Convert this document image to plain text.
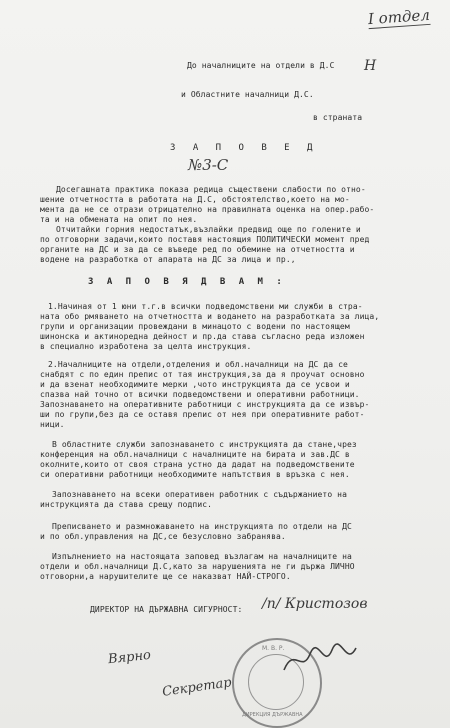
I отдел
До началниците на отдели в Д.С Н
и Областните началници Д.С.
в страната
З А П О В Е Д
№3-С
Досегашната практика показа редица съществени слабости по отно-
шение отчетността в работата на Д.С, обстоятелство,което на мо-
мента да не се отрази отрицателно на правилната оценка на опер.рабо-
та и на обмената на опит по нея.
Отчитайки горния недостатък,възлайки предвид още по голените и
по отговорни задачи,които поставя настоящия ПОЛИТИЧЕСКИ момент пред
органите на ДС и за да се въведе ред по обемине на отчетността и
водене на разработка от апарата на ДС за лица и пр.,
З А П О В Я Д В А М :
1.Начиная от 1 юни т.г.в всички подведомствени ми служби в стра-
ната обо рмяването на отчетността и водането на разработката за лица,
групи и организации провеждани в минацото с водени по настоящем
шинонска и актиноредна дейност и пр.да става съгласно реда изложен
в специално изработена за целта инструкция.
2.Началниците на отдели,отделения и обл.началници на ДС да се
снабдят с по един препис от тая инструкция,за да я проучат основно
и да взенат необходимите мерки ,чото инструкцията да се усвои и
спазва най точно от всички подведомствени и оперативни работници.
Запознаването на оперативните работници с инструкцията да се извър-
ши по групи,без да се оставя препис от нея при оперативните работ-
ници.
В областните служби запознаването с инструкцията да стане,чрез
конференция на обл.началници с началниците на бирата и зав.ДС в
околните,които от своя страна устно да дадат на подведомствените
си оперативни работници необходимите напътствия в връзка с нея.
Запознаването на всеки оперативен работник с съдържанието на
инструкцията да става срещу подпис.
Преписването и размножаването на инструкцията по отдели на ДС
и по обл.управления на ДС,се безусловно забранява.
Изпълнението на настоящата заповед възлагам на началниците на
отдели и обл.началници Д.С,като за нарушенията не ги държа ЛИЧНО
отговорни,а нарушителите ще се наказват НАЙ-СТРОГО.
ДИРЕКТОР НА ДЪРЖАВНА СИГУРНОСТ: /п/ Кристозов
Вярно
Секретар
М. В. Р.
ДИРЕКЦИЯ ДЪРЖАВНА
